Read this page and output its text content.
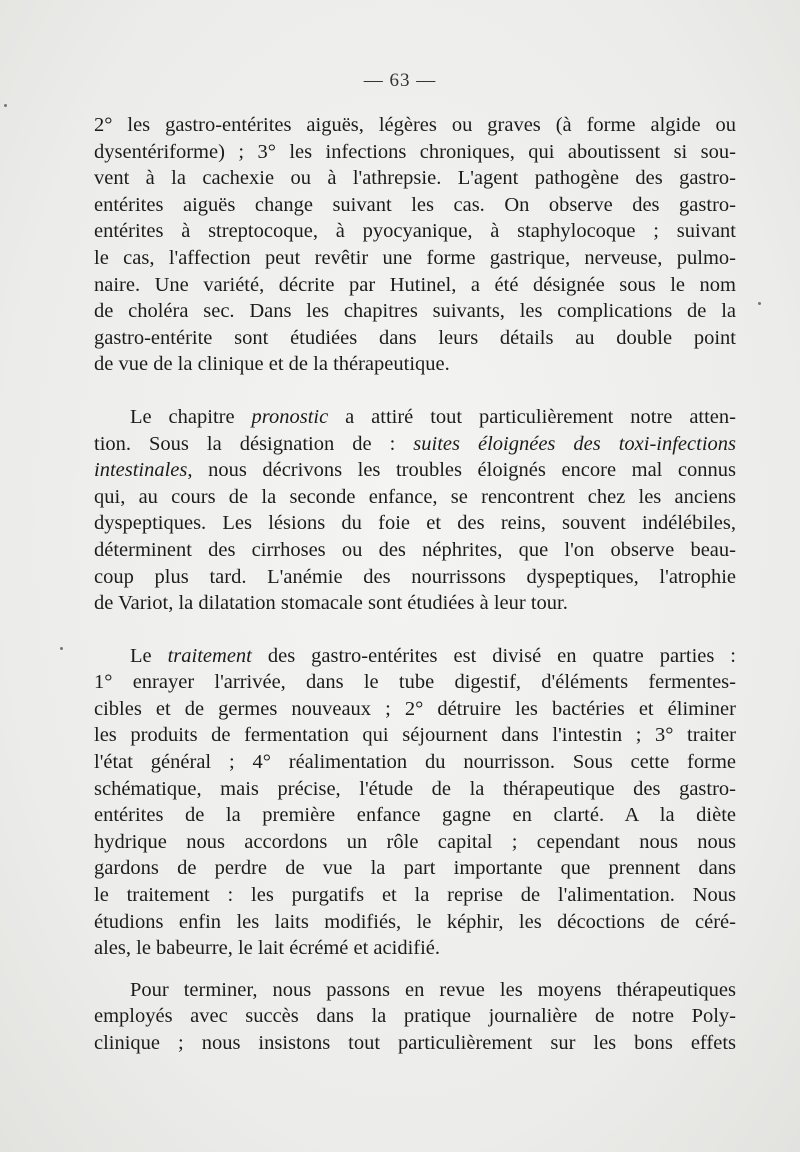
— 63 —

2° les gastro-entérites aiguës, légères ou graves (à forme algide ou
dysentériforme) ; 3° les infections chroniques, qui aboutissent si sou-
vent à la cachexie ou à l'athrepsie. L'agent pathogène des gastro-
entérites aiguës change suivant les cas. On observe des gastro-
entérites à streptocoque, à pyocyanique, à staphylocoque ; suivant
le cas, l'affection peut revêtir une forme gastrique, nerveuse, pulmo-
naire. Une variété, décrite par Hutinel, a été désignée sous le nom
de choléra sec. Dans les chapitres suivants, les complications de la
gastro-entérite sont étudiées dans leurs détails au double point
de vue de la clinique et de la thérapeutique.

Le chapitre pronostic a attiré tout particulièrement notre atten-
tion. Sous la désignation de : suites éloignées des toxi-infections
intestinales, nous décrivons les troubles éloignés encore mal connus
qui, au cours de la seconde enfance, se rencontrent chez les anciens
dyspeptiques. Les lésions du foie et des reins, souvent indélébiles,
déterminent des cirrhoses ou des néphrites, que l'on observe beau-
coup plus tard. L'anémie des nourrissons dyspeptiques, l'atrophie
de Variot, la dilatation stomacale sont étudiées à leur tour.

Le traitement des gastro-entérites est divisé en quatre parties :
1° enrayer l'arrivée, dans le tube digestif, d'éléments fermentes-
cibles et de germes nouveaux ; 2° détruire les bactéries et éliminer
les produits de fermentation qui séjournent dans l'intestin ; 3° traiter
l'état général ; 4° réalimentation du nourrisson. Sous cette forme
schématique, mais précise, l'étude de la thérapeutique des gastro-
entérites de la première enfance gagne en clarté. A la diète
hydrique nous accordons un rôle capital ; cependant nous nous
gardons de perdre de vue la part importante que prennent dans
le traitement : les purgatifs et la reprise de l'alimentation. Nous
étudions enfin les laits modifiés, le képhir, les décoctions de céré-
ales, le babeurre, le lait écrémé et acidifié.

Pour terminer, nous passons en revue les moyens thérapeutiques
employés avec succès dans la pratique journalière de notre Poly-
clinique ; nous insistons tout particulièrement sur les bons effets
